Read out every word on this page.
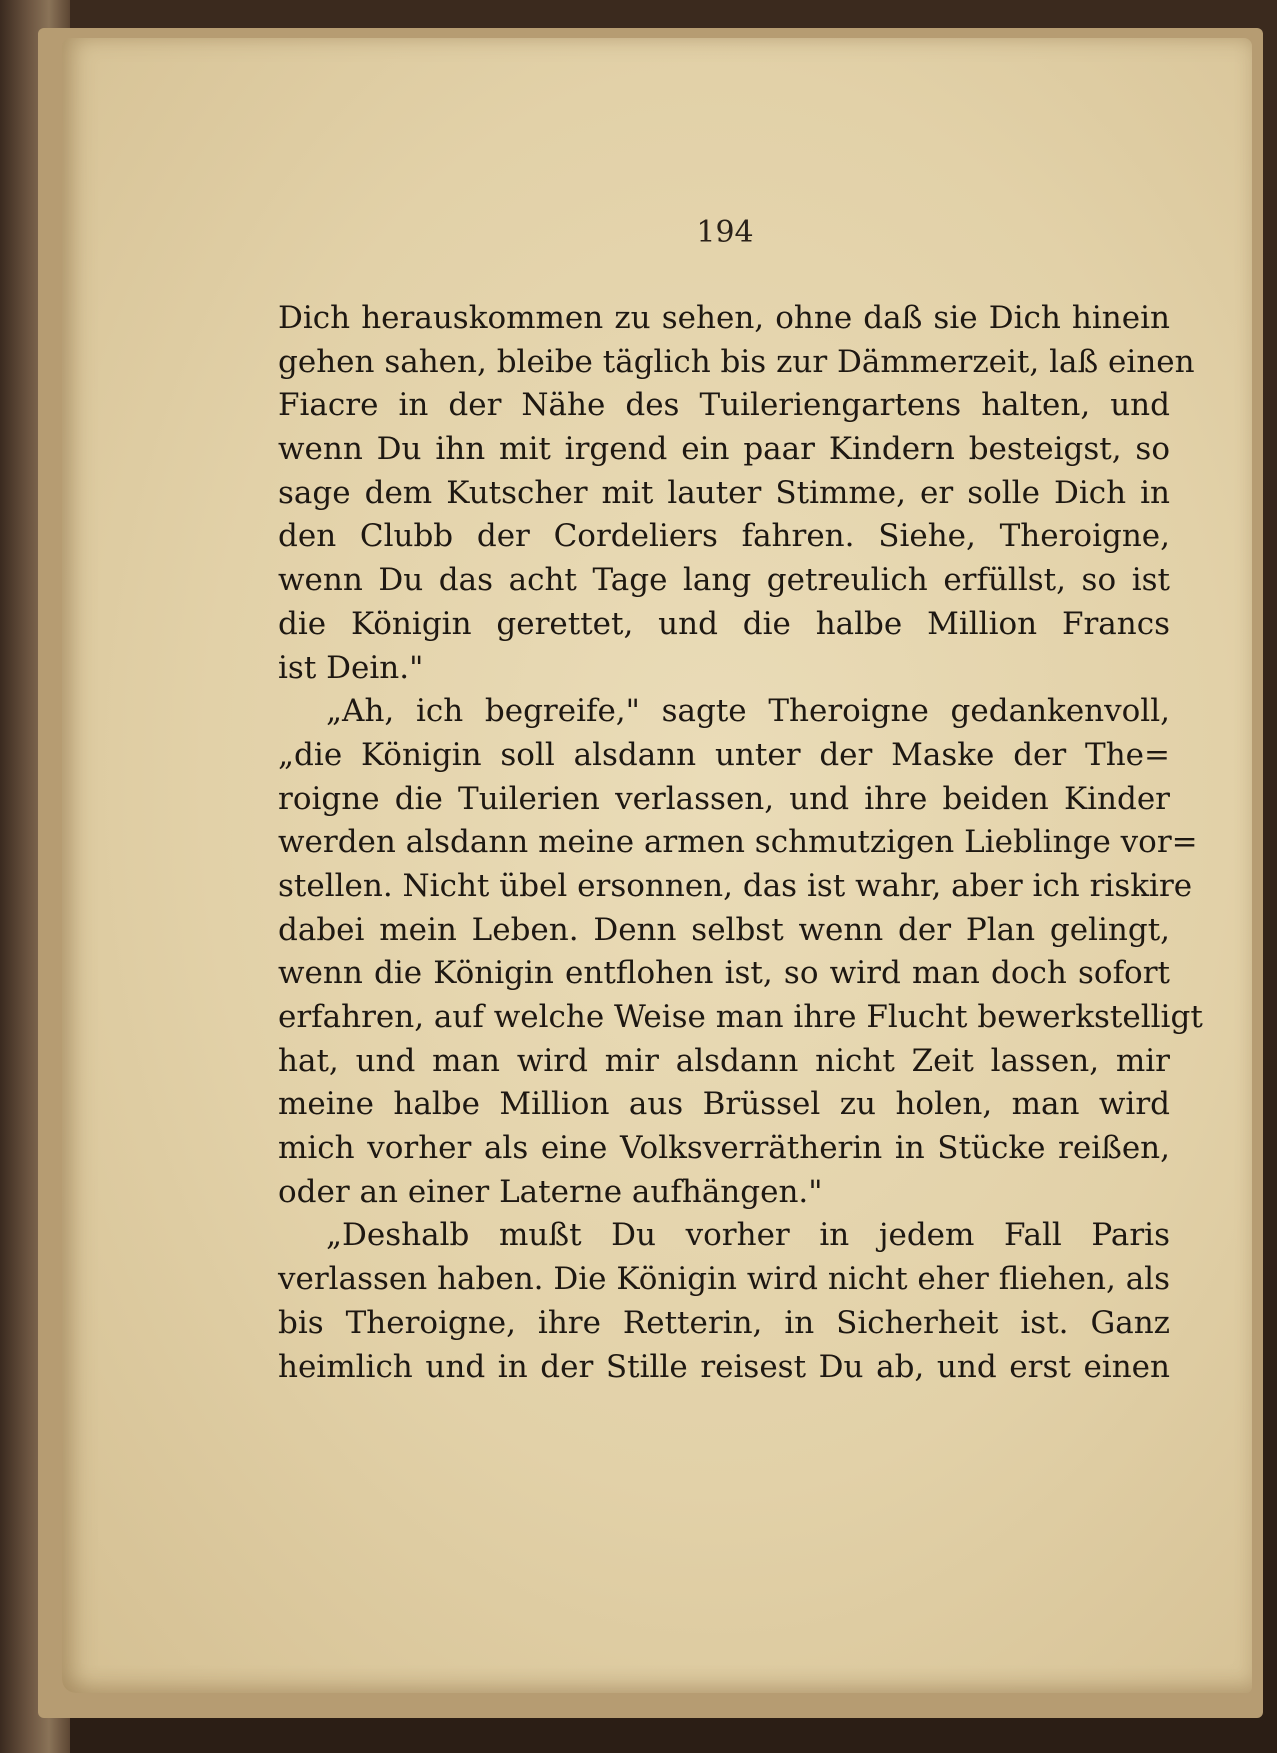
194
Dich herauskommen zu sehen, ohne daß sie Dich hinein
gehen sahen, bleibe täglich bis zur Dämmerzeit, laß einen
Fiacre in der Nähe des Tuileriengartens halten, und
wenn Du ihn mit irgend ein paar Kindern besteigst, so
sage dem Kutscher mit lauter Stimme, er solle Dich in
den Clubb der Cordeliers fahren. Siehe, Theroigne,
wenn Du das acht Tage lang getreulich erfüllst, so ist
die Königin gerettet, und die halbe Million Francs
ist Dein."
„Ah, ich begreife," sagte Theroigne gedankenvoll,
„die Königin soll alsdann unter der Maske der The=
roigne die Tuilerien verlassen, und ihre beiden Kinder
werden alsdann meine armen schmutzigen Lieblinge vor=
stellen. Nicht übel ersonnen, das ist wahr, aber ich riskire
dabei mein Leben. Denn selbst wenn der Plan gelingt,
wenn die Königin entflohen ist, so wird man doch sofort
erfahren, auf welche Weise man ihre Flucht bewerkstelligt
hat, und man wird mir alsdann nicht Zeit lassen, mir
meine halbe Million aus Brüssel zu holen, man wird
mich vorher als eine Volksverrätherin in Stücke reißen,
oder an einer Laterne aufhängen."
„Deshalb mußt Du vorher in jedem Fall Paris
verlassen haben. Die Königin wird nicht eher fliehen, als
bis Theroigne, ihre Retterin, in Sicherheit ist. Ganz
heimlich und in der Stille reisest Du ab, und erst einen
